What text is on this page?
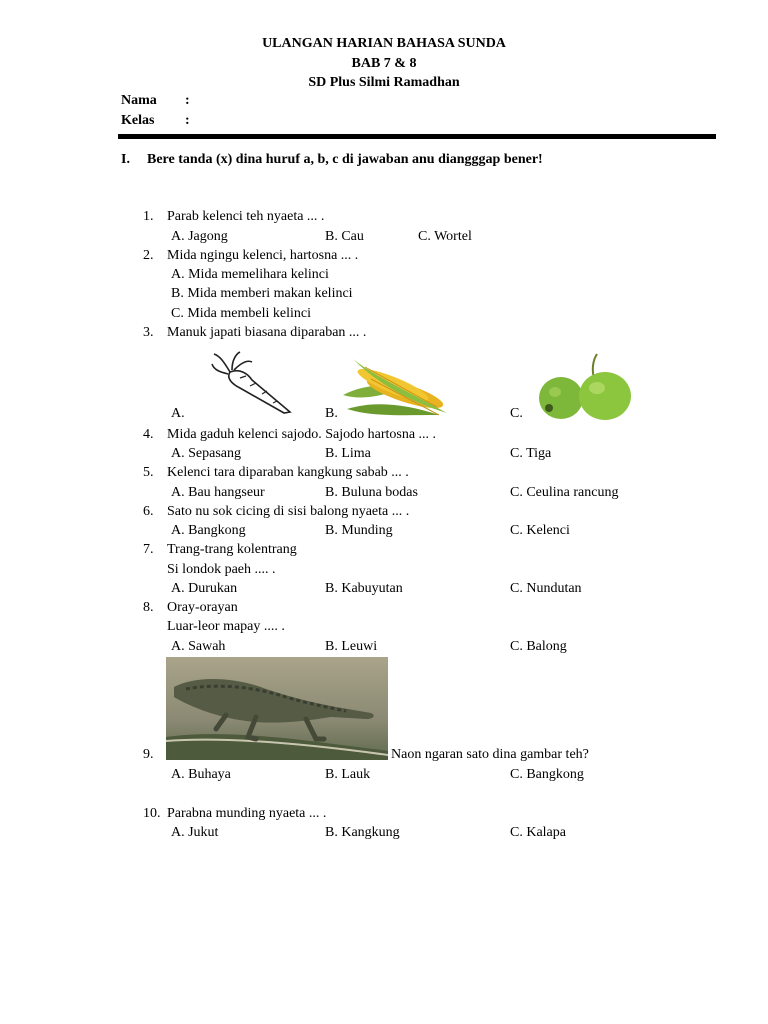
ULANGAN HARIAN BAHASA SUNDA
BAB 7 & 8
SD Plus Silmi Ramadhan
Nama :
Kelas :
I. Bere tanda (x) dina huruf a, b, c di jawaban anu diangggap bener!
1. Parab kelenci teh nyaeta ... .
A. Jagong	B. Cau	C. Wortel
2. Mida ngingu kelenci, hartosna ... .
A. Mida memelihara kelinci
B. Mida memberi makan kelinci
C. Mida membeli kelinci
3. Manuk japati biasana diparaban ... .
A.	B.	C.
4. Mida gaduh kelenci sajodo. Sajodo hartosna ... .
A. Sepasang	B. Lima	C. Tiga
5. Kelenci tara diparaban kangkung sabab ... .
A. Bau hangseur	B. Buluna bodas	C. Ceulina rancung
6. Sato nu sok cicing di sisi balong nyaeta ... .
A. Bangkong	B. Munding	C. Kelenci
7. Trang-trang kolentrang
Si londok paeh .... .
A. Durukan	B. Kabuyutan	C. Nundutan
8. Oray-orayan
Luar-leor mapay .... .
A. Sawah	B. Leuwi	C. Balong
9.	Naon ngaran sato dina gambar teh?
A. Buhaya	B. Lauk	C. Bangkong
10. Parabna munding nyaeta ... .
A. Jukut	B. Kangkung	C. Kalapa
